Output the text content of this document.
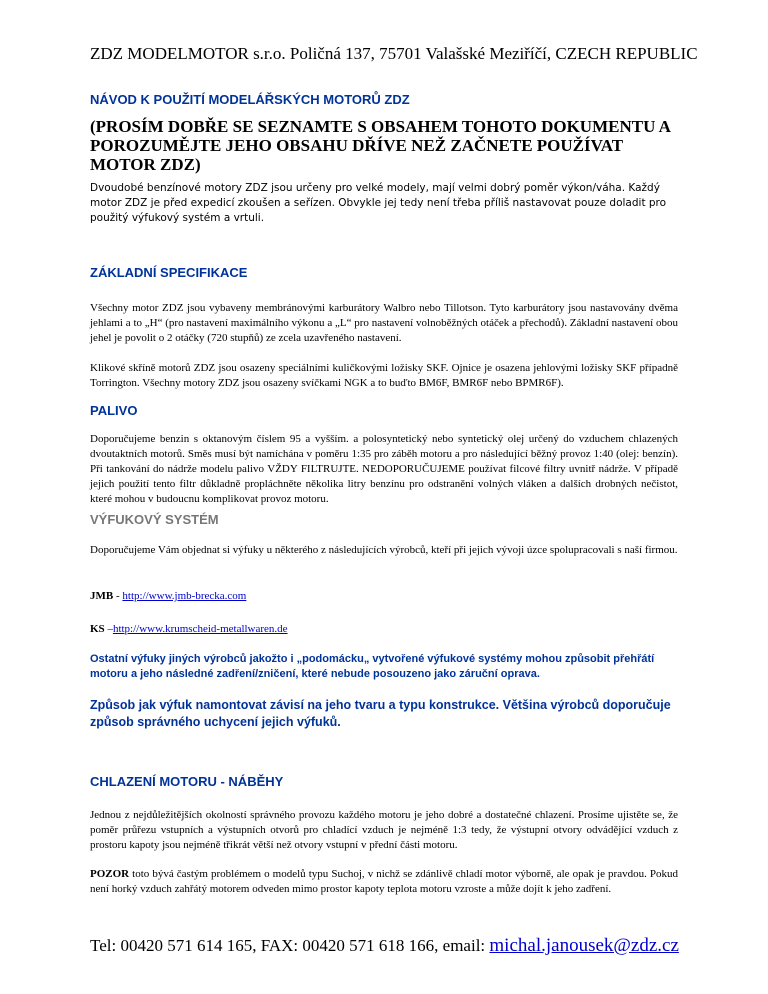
ZDZ MODELMOTOR s.r.o. Poličná 137, 75701 Valašské Meziříčí, CZECH REPUBLIC
NÁVOD K POUŽITÍ MODELÁŘSKÝCH MOTORŮ ZDZ
(PROSÍM DOBŘE SE SEZNAMTE S OBSAHEM TOHOTO DOKUMENTU A POROZUMĚJTE JEHO OBSAHU DŘÍVE NEŽ ZAČNETE POUŽÍVAT MOTOR ZDZ)
Dvoudobé benzínové motory ZDZ jsou určeny pro velké modely, mají velmi dobrý poměr výkon/váha. Každý motor ZDZ je před expedicí zkoušen a seřízen. Obvykle jej tedy není třeba příliš nastavovat pouze doladit pro použitý výfukový systém a vrtuli.
ZÁKLADNÍ SPECIFIKACE
Všechny motor ZDZ jsou vybaveny membránovými karburátory Walbro nebo Tillotson. Tyto karburátory jsou nastavovány dvěma jehlami a to „H“ (pro nastavení maximálního výkonu a „L“ pro nastavení volnoběžných otáček a přechodů). Základní nastavení obou jehel je povolit o 2 otáčky (720 stupňů) ze zcela uzavřeného nastavení.
Klikové skříně motorů ZDZ jsou osazeny speciálními kuličkovými ložisky SKF. Ojnice je osazena jehlovými ložisky SKF případně Torrington. Všechny motory ZDZ jsou osazeny svíčkami NGK a to buďto BM6F, BMR6F nebo BPMR6F).
PALIVO
Doporučujeme benzin s oktanovým číslem 95 a vyšším. a polosyntetický nebo syntetický olej určený do vzduchem chlazených dvoutaktních motorů. Směs musí být namíchána v poměru 1:35 pro záběh motoru a pro následující běžný provoz 1:40 (olej: benzín). Při tankování do nádrže modelu palivo VŽDY FILTRUJTE. NEDOPORUČUJEME používat filcové filtry uvnitř nádrže. V případě jejich použití tento filtr důkladně propláchněte několika litry benzínu pro odstranění volných vláken a dalších drobných nečistot, které mohou v budoucnu komplikovat provoz motoru.
VÝFUKOVÝ SYSTÉM
Doporučujeme Vám objednat si výfuky u některého z následujících výrobců, kteří při jejich vývoji úzce spolupracovali s naší firmou.
JMB - http://www.jmb-brecka.com
KS –http://www.krumscheid-metallwaren.de
Ostatní výfuky jiných výrobců jakožto i „podomácku„ vytvořené výfukové systémy mohou způsobit přehřátí motoru a jeho následné zadření/zničení, které nebude posouzeno jako záruční oprava.
Způsob jak výfuk namontovat závisí na jeho tvaru a typu konstrukce. Většina výrobců doporučuje způsob správného uchycení jejich výfuků.
CHLAZENÍ MOTORU - NÁBĚHY
Jednou z nejdůležitějších okolností správného provozu každého motoru je jeho dobré a dostatečné chlazení. Prosíme ujistěte se, že poměr průřezu vstupních a výstupních otvorů pro chladící vzduch je nejméně 1:3 tedy, že výstupní otvory odvádějící vzduch z prostoru kapoty jsou nejméně třikrát větší než otvory vstupní v přední části motoru.
POZOR toto bývá častým problémem o modelů typu Suchoj, v nichž se zdánlivě chladí motor výborně, ale opak je pravdou. Pokud není horký vzduch zahřátý motorem odveden mimo prostor kapoty teplota motoru vzroste a může dojít k jeho zadření.
Tel: 00420 571 614 165, FAX: 00420 571 618 166, email: michal.janousek@zdz.cz
